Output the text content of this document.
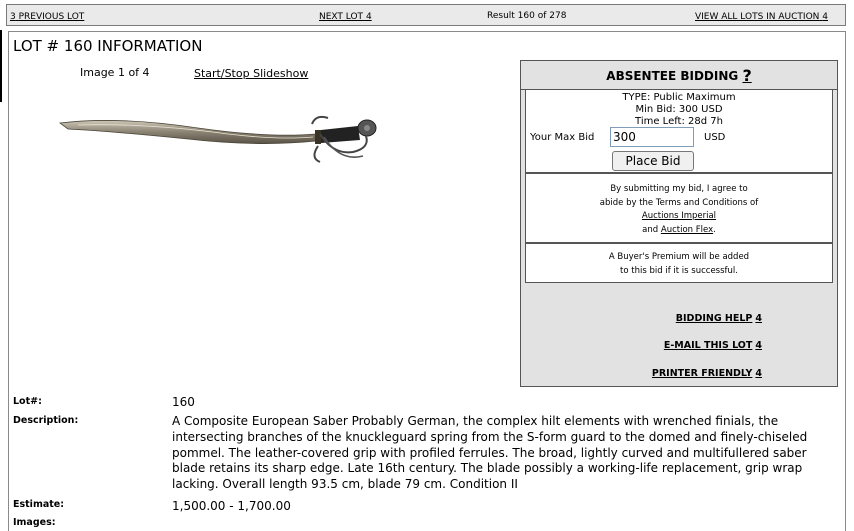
3 PREVIOUS LOT	NEXT LOT 4	Result 160 of 278	VIEW ALL LOTS IN AUCTION 4
LOT # 160 INFORMATION
Image 1 of 4	Start/Stop Slideshow	ABSENTEE BIDDING ?
TYPE: Public Maximum
Min Bid: 300 USD
Time Left: 28d 7h
Your Max Bid
300	USD
Place Bid
By submitting my bid, I agree to
abide by the Terms and Conditions of
Auctions Imperial
and Auction Flex.
A Buyer's Premium will be added
to this bid if it is successful.
BIDDING HELP 4
E-MAIL THIS LOT 4
PRINTER FRIENDLY 4
Lot#:	160
Description:	A Composite European Saber Probably German, the complex hilt elements with wrenched finials, the intersecting branches of the knuckleguard spring from the S-form guard to the domed and finely-chiseled pommel. The leather-covered grip with profiled ferrules. The broad, lightly curved and multifullered saber blade retains its sharp edge. Late 16th century. The blade possibly a working-life replacement, grip wrap lacking. Overall length 93.5 cm, blade 79 cm. Condition II
Estimate:	1,500.00 - 1,700.00
Images:
